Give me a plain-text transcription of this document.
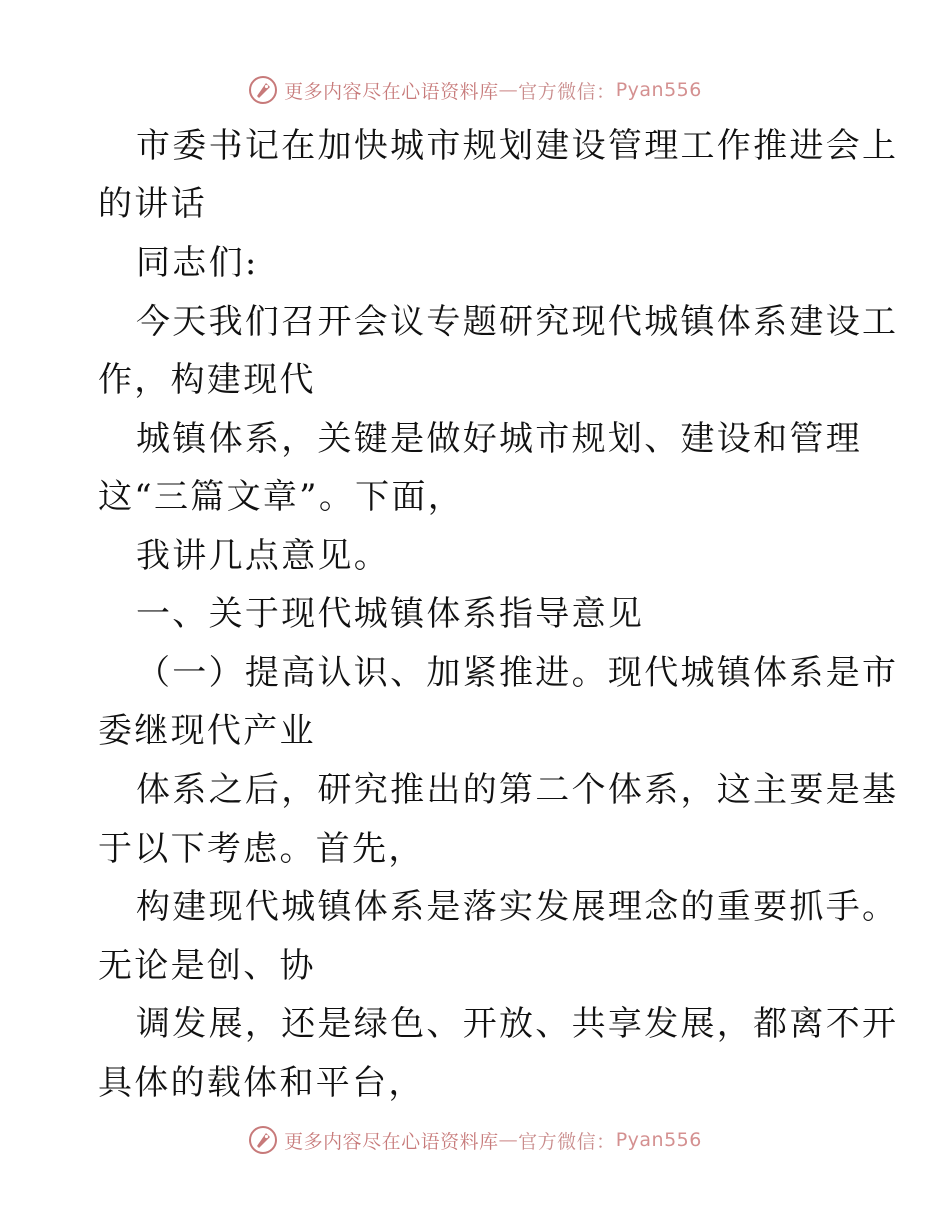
更多内容尽在心语资料库 — 官方微信： Pyan556
市委书记在加快城市规划建设管理工作推进会上
的讲话
同志们:
今天我们召开会议专题研究现代城镇体系建设工
作，构建现代
城镇体系，关键是做好城市规划、建设和管理
这“三篇文章”。下面，
我讲几点意见。
一、关于现代城镇体系指导意见
（一）提高认识、加紧推进。现代城镇体系是市
委继现代产业
体系之后，研究推出的第二个体系，这主要是基
于以下考虑。首先，
构建现代城镇体系是落实发展理念的重要抓手。
无论是创、协
调发展，还是绿色、开放、共享发展，都离不开
具体的载体和平台，
更多内容尽在心语资料库 — 官方微信： Pyan556
